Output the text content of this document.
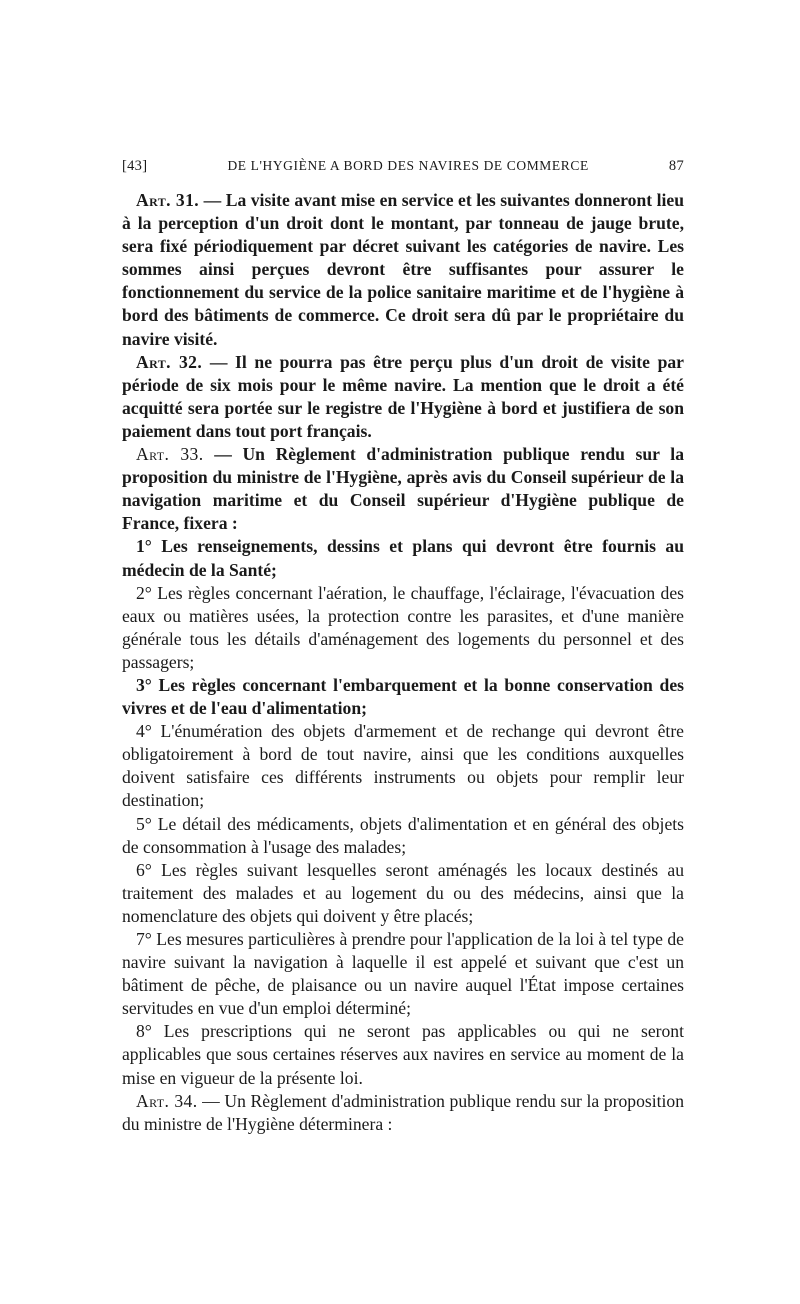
[43]	DE L'HYGIÈNE A BORD DES NAVIRES DE COMMERCE	87

Art. 31. — La visite avant mise en service et les suivantes donneront lieu à la perception d'un droit dont le montant, par tonneau de jauge brute, sera fixé périodiquement par décret suivant les catégories de navire. Les sommes ainsi perçues devront être suffisantes pour assurer le fonctionnement du service de la police sanitaire maritime et de l'hygiène à bord des bâtiments de commerce. Ce droit sera dû par le propriétaire du navire visité.

Art. 32. — Il ne pourra pas être perçu plus d'un droit de visite par période de six mois pour le même navire. La mention que le droit a été acquitté sera portée sur le registre de l'Hygiène à bord et justifiera de son paiement dans tout port français.

Art. 33. — Un Règlement d'administration publique rendu sur la proposition du ministre de l'Hygiène, après avis du Conseil supérieur de la navigation maritime et du Conseil supérieur d'Hygiène publique de France, fixera :

1° Les renseignements, dessins et plans qui devront être fournis au médecin de la Santé;

2° Les règles concernant l'aération, le chauffage, l'éclairage, l'évacuation des eaux ou matières usées, la protection contre les parasites, et d'une manière générale tous les détails d'aménagement des logements du personnel et des passagers;

3° Les règles concernant l'embarquement et la bonne conservation des vivres et de l'eau d'alimentation;

4° L'énumération des objets d'armement et de rechange qui devront être obligatoirement à bord de tout navire, ainsi que les conditions auxquelles doivent satisfaire ces différents instruments ou objets pour remplir leur destination;

5° Le détail des médicaments, objets d'alimentation et en général des objets de consommation à l'usage des malades;

6° Les règles suivant lesquelles seront aménagés les locaux destinés au traitement des malades et au logement du ou des médecins, ainsi que la nomenclature des objets qui doivent y être placés;

7° Les mesures particulières à prendre pour l'application de la loi à tel type de navire suivant la navigation à laquelle il est appelé et suivant que c'est un bâtiment de pêche, de plaisance ou un navire auquel l'État impose certaines servitudes en vue d'un emploi déterminé;

8° Les prescriptions qui ne seront pas applicables ou qui ne seront applicables que sous certaines réserves aux navires en service au moment de la mise en vigueur de la présente loi.

Art. 34. — Un Règlement d'administration publique rendu sur la proposition du ministre de l'Hygiène déterminera :
